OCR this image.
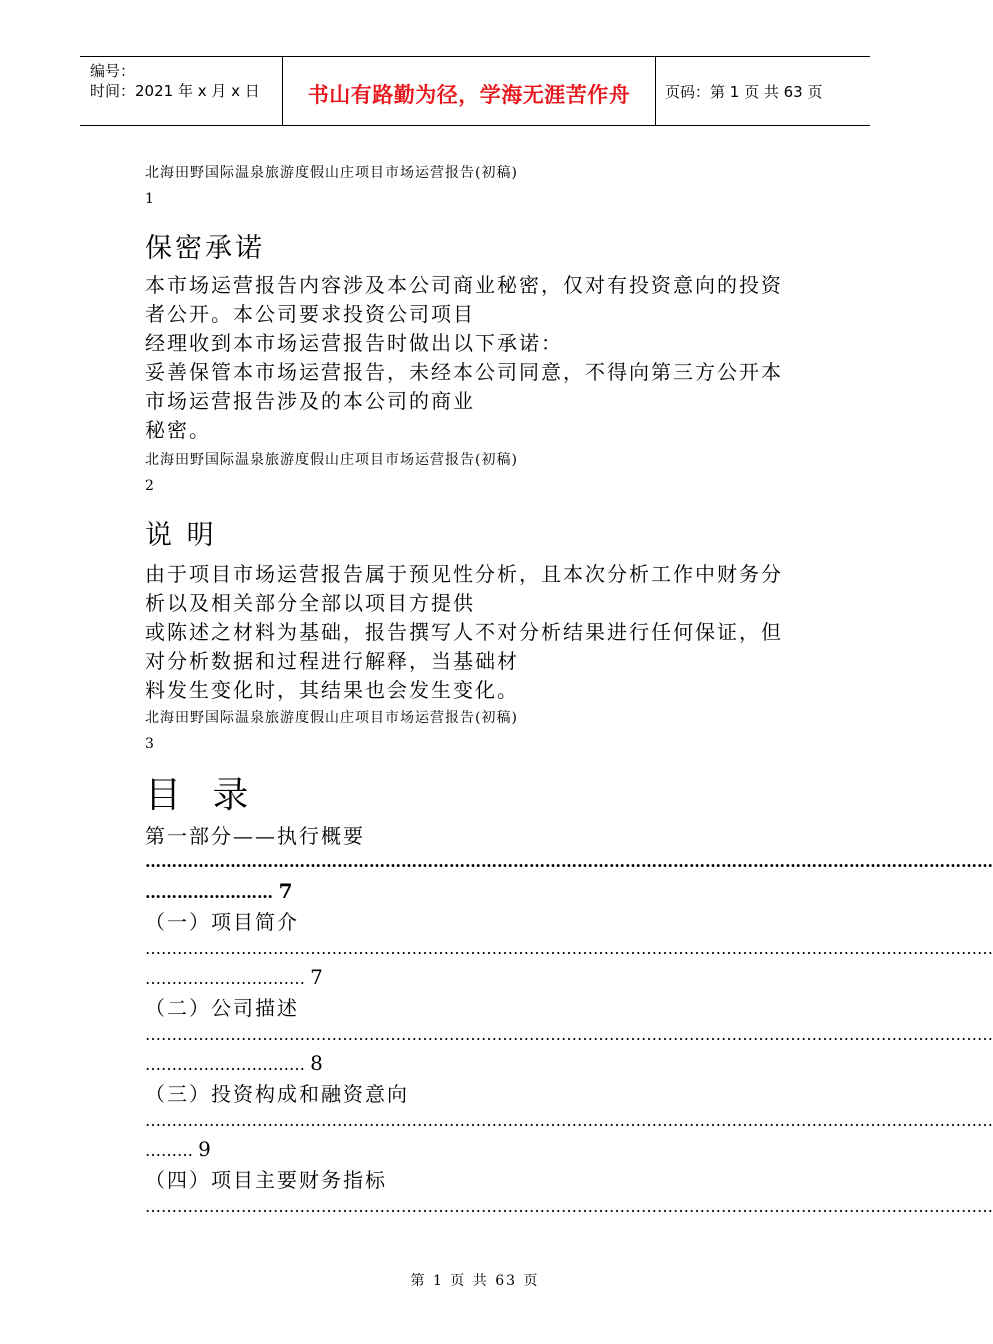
编号：
时间：2021 年 x 月 x 日	书山有路勤为径，学海无涯苦作舟	页码：第 1 页 共 63 页
北海田野国际温泉旅游度假山庄项目市场运营报告(初稿)
1
保密承诺
本市场运营报告内容涉及本公司商业秘密，仅对有投资意向的投资
者公开。本公司要求投资公司项目
经理收到本市场运营报告时做出以下承诺：
妥善保管本市场运营报告，未经本公司同意，不得向第三方公开本
市场运营报告涉及的本公司的商业
秘密。
北海田野国际温泉旅游度假山庄项目市场运营报告(初稿)
2
说 明
由于项目市场运营报告属于预见性分析，且本次分析工作中财务分
析以及相关部分全部以项目方提供
或陈述之材料为基础，报告撰写人不对分析结果进行任何保证，但
对分析数据和过程进行解释，当基础材
料发生变化时，其结果也会发生变化。
北海田野国际温泉旅游度假山庄项目市场运营报告(初稿)
3
目 录
第一部分——执行概要
……………………………………………………………………………………………………………………………………………
…………………… 7
（一）项目简介
……………………………………………………………………………………………………………………………………………
………………………… 7
（二）公司描述
……………………………………………………………………………………………………………………………………………
………………………… 8
（三）投资构成和融资意向
……………………………………………………………………………………………………………………………………………
……… 9
（四）项目主要财务指标
……………………………………………………………………………………………………………………………………………
第 1 页 共 63 页
